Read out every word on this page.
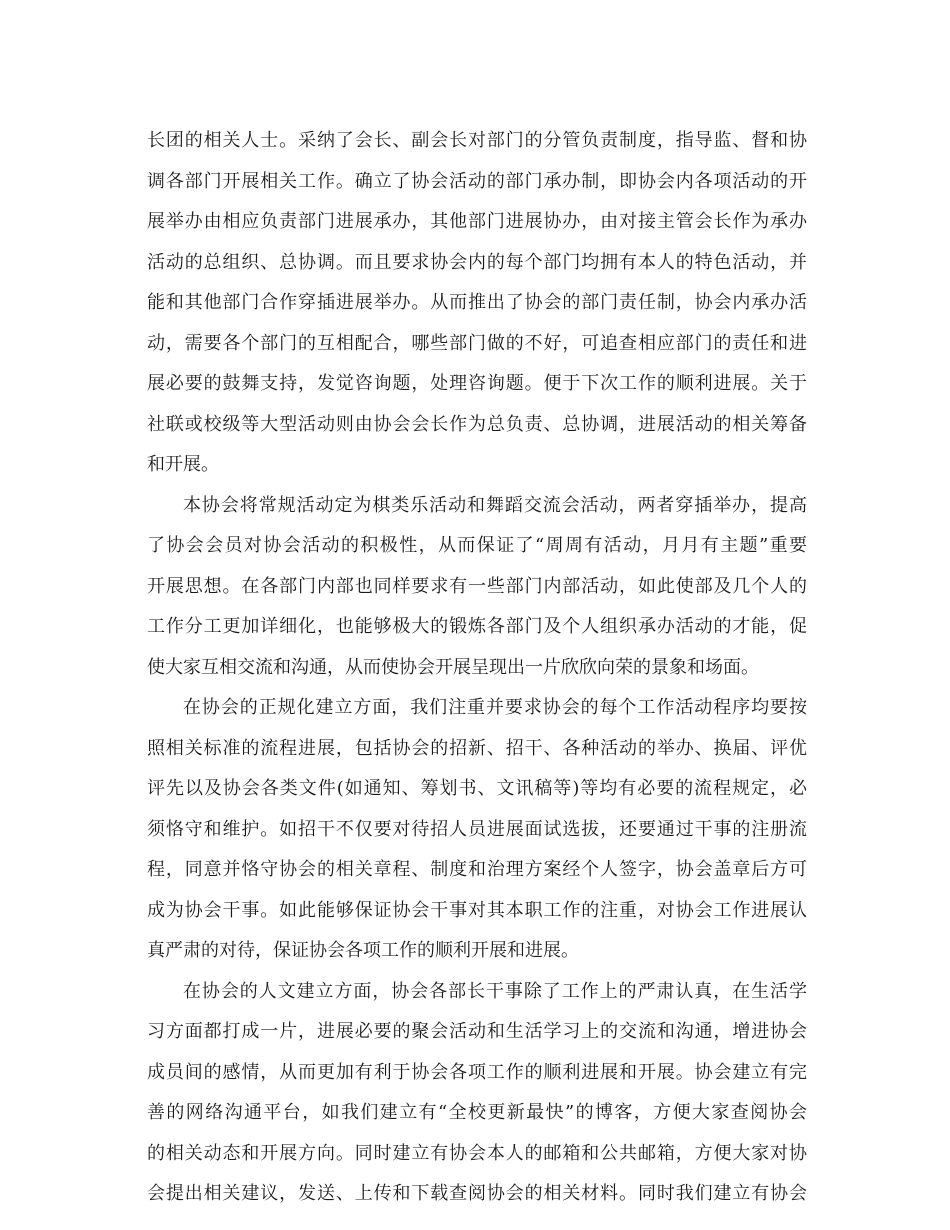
长团的相关人士。采纳了会长、副会长对部门的分管负责制度，指导监、督和协
调各部门开展相关工作。确立了协会活动的部门承办制，即协会内各项活动的开
展举办由相应负责部门进展承办，其他部门进展协办，由对接主管会长作为承办
活动的总组织、总协调。而且要求协会内的每个部门均拥有本人的特色活动，并
能和其他部门合作穿插进展举办。从而推出了协会的部门责任制，协会内承办活
动，需要各个部门的互相配合，哪些部门做的不好，可追查相应部门的责任和进
展必要的鼓舞支持，发觉咨询题，处理咨询题。便于下次工作的顺利进展。关于
社联或校级等大型活动则由协会会长作为总负责、总协调，进展活动的相关筹备
和开展。
本协会将常规活动定为棋类乐活动和舞蹈交流会活动，两者穿插举办，提高
了协会会员对协会活动的积极性，从而保证了“周周有活动，月月有主题”重要
开展思想。在各部门内部也同样要求有一些部门内部活动，如此使部及几个人的
工作分工更加详细化，也能够极大的锻炼各部门及个人组织承办活动的才能，促
使大家互相交流和沟通，从而使协会开展呈现出一片欣欣向荣的景象和场面。
在协会的正规化建立方面，我们注重并要求协会的每个工作活动程序均要按
照相关标准的流程进展，包括协会的招新、招干、各种活动的举办、换届、评优
评先以及协会各类文件(如通知、筹划书、文讯稿等)等均有必要的流程规定，必
须恪守和维护。如招干不仅要对待招人员进展面试选拔，还要通过干事的注册流
程，同意并恪守协会的相关章程、制度和治理方案经个人签字，协会盖章后方可
成为协会干事。如此能够保证协会干事对其本职工作的注重，对协会工作进展认
真严肃的对待，保证协会各项工作的顺利开展和进展。
在协会的人文建立方面，协会各部长干事除了工作上的严肃认真，在生活学
习方面都打成一片，进展必要的聚会活动和生活学习上的交流和沟通，增进协会
成员间的感情，从而更加有利于协会各项工作的顺利进展和开展。协会建立有完
善的网络沟通平台，如我们建立有“全校更新最快”的博客，方便大家查阅协会
的相关动态和开展方向。同时建立有协会本人的邮箱和公共邮箱，方便大家对协
会提出相关建议，发送、上传和下载查阅协会的相关材料。同时我们建立有协会
